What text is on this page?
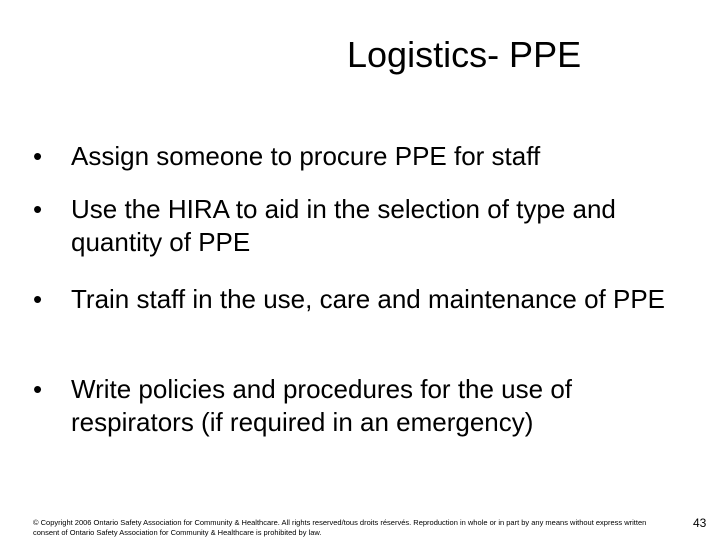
Logistics- PPE
• Assign someone to procure PPE for staff
• Use the HIRA to aid in the selection of type and quantity of PPE
• Train staff in the use, care and maintenance of PPE
• Write policies and procedures for the use of respirators (if required in an emergency)
© Copyright 2006 Ontario Safety Association for Community & Healthcare. All rights reserved/tous droits réservés. Reproduction in whole or in part by any means without express written consent of Ontario Safety Association for Community & Healthcare is prohibited by law.
43
